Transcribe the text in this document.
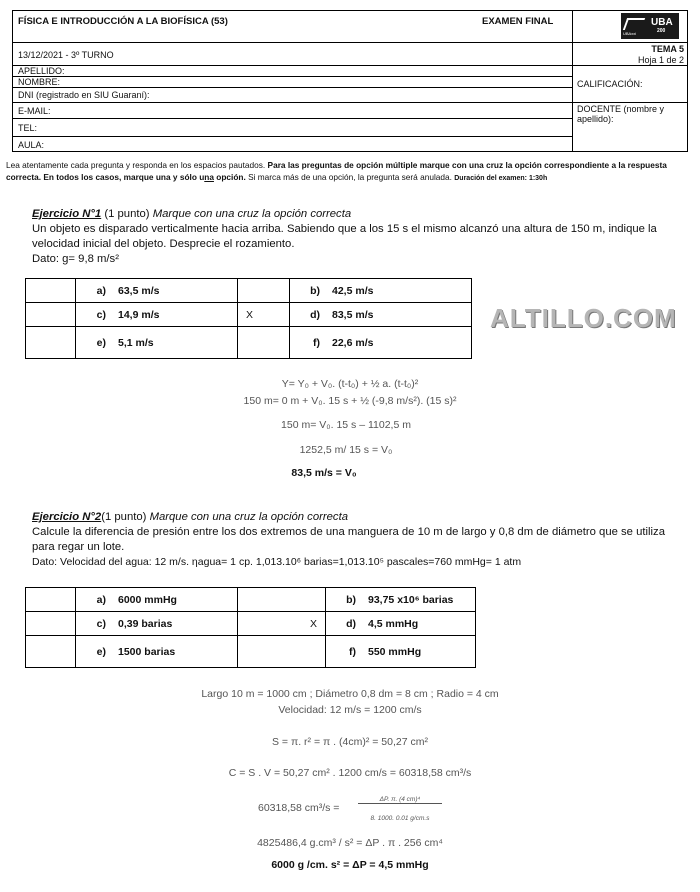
FÍSICA E INTRODUCCIÓN A LA BIOFÍSICA (53)	EXAMEN FINAL	UBA
200
UBAxxi
13/12/2021 - 3º TURNO
TEMA 5
Hoja 1 de 2
APELLIDO:
NOMBRE:
DNI (registrado en SIU Guaraní):
E-MAIL:
TEL:
AULA:
CALIFICACIÓN:
DOCENTE (nombre y apellido):
Lea atentamente cada pregunta y responda en los espacios pautados. Para las preguntas de opción múltiple marque con una cruz la opción correspondiente a la respuesta correcta. En todos los casos, marque una y sólo una opción. Si marca más de una opción, la pregunta será anulada. Duración del examen: 1:30h
Ejercicio N°1 (1 punto) Marque con una cruz la opción correcta
Un objeto es disparado verticalmente hacia arriba. Sabiendo que a los 15 s el mismo alcanzó una altura de 150 m, indique la velocidad inicial del objeto. Desprecie el rozamiento.
Dato: g= 9,8 m/s²
	a) 63,5 m/s		b) 42,5 m/s
	c) 14,9 m/s	X	d) 83,5 m/s
	e) 5,1 m/s		f) 22,6 m/s
ALTILLO.COM
Y= Y₀ + V₀. (t-t₀) + ½ a. (t-t₀)²
150 m= 0 m + V₀. 15 s + ½ (-9,8 m/s²). (15 s)²
150 m= V₀. 15 s – 1102,5 m
1252,5 m/ 15 s = V₀
83,5 m/s = V₀
Ejercicio N°2(1 punto) Marque con una cruz la opción correcta
Calcule la diferencia de presión entre los dos extremos de una manguera de 10 m de largo y 0,8 dm de diámetro que se utiliza para regar un lote.
Dato: Velocidad del agua: 12 m/s. ηagua= 1 cp. 1,013.10⁶ barias=1,013.10⁵ pascales=760 mmHg= 1 atm
	a) 6000 mmHg		b) 93,75 x10⁶ barias
	c) 0,39 barias	X	d) 4,5 mmHg
	e) 1500 barias		f) 550 mmHg
Largo 10 m = 1000 cm ; Diámetro 0,8 dm = 8 cm ; Radio = 4 cm
Velocidad: 12 m/s = 1200 cm/s
S = π. r² = π . (4cm)² = 50,27 cm²
C = S . V = 50,27 cm² . 1200 cm/s = 60318,58 cm³/s
60318,58 cm³/s =
ΔP. π. (4 cm)⁴
8. 1000. 0.01 g/cm.s
4825486,4 g.cm³ / s² = ΔP . π . 256 cm⁴
6000 g /cm. s² = ΔP = 4,5 mmHg
